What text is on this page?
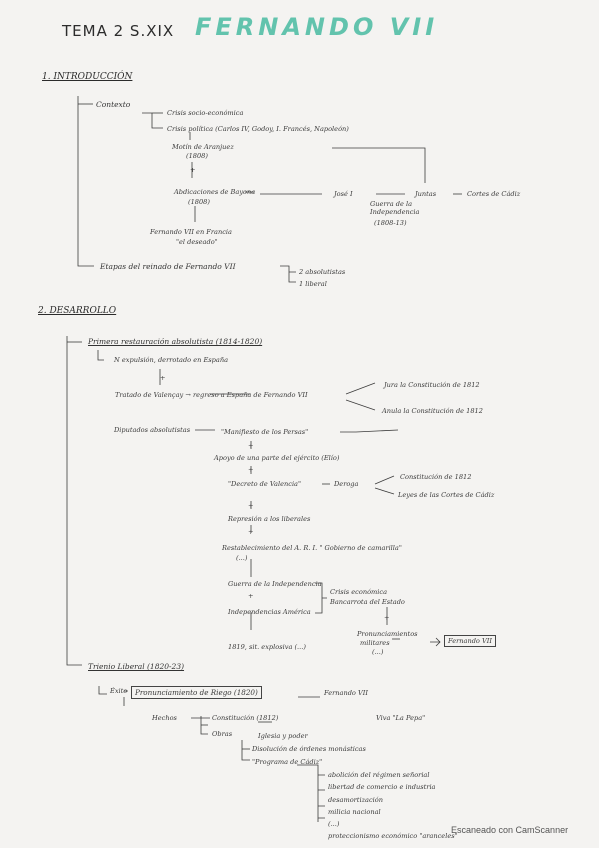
TEMA 2 S.XIX FERNANDO VII
1. INTRODUCCIÓN
Contexto
Crisis socio-económica
Crisis política (Carlos IV, Godoy, I. Francés, Napoleón)
Motín de Aranjuez
(1808)
+
Abdicaciones de Bayona
(1808)
José I
Guerra de la Independencia
(1808-13)
Juntas	Cortes de Cádiz
Fernando VII en Francia
"el deseado"
Etapas del reinado de Fernando VII
2 absolutistas
1 liberal
2. DESARROLLO
Primera restauración absolutista (1814-1820)
N expulsión, derrotado en España
+
Tratado de Valençay → regreso a España de Fernando VII
Jura la Constitución de 1812
Anula la Constitución de 1812
Diputados absolutistas	"Manifiesto de los Persas"
+
Apoyo de una parte del ejército (Elío)
+
"Decreto de Valencia"	Deroga
Constitución de 1812
Leyes de las Cortes de Cádiz
+
Represión a los liberales
+
Restablecimiento del A. R. I. " Gobierno de camarilla"
(...)
Guerra de la Independencia
+
Independencias América
Crisis económica
Bancarrota del Estado
+
Pronunciamientos
militares
(...)
Fernando VII
1819, sit. explosiva (...)
Trienio Liberal (1820-23)
Éxito	Pronunciamiento de Riego (1820)	Fernando VII
Hechos	Constitución (1812)	Viva "La Pepa"
Obras	Iglesia y poder
Disolución de órdenes monásticas
"Programa de Cádiz"
abolición del régimen señorial
libertad de comercio e industria
desamortización
milicia nacional
(...)
proteccionismo económico "aranceles"
Escaneado con CamScanner
